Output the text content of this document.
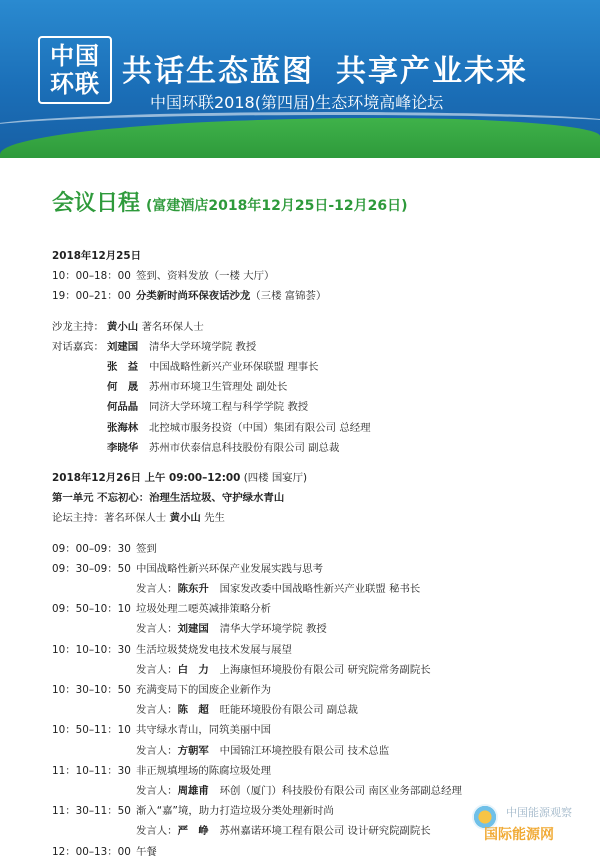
中国
环联 共话生态蓝图 共享产业未来
中国环联2018(第四届)生态环境高峰论坛
会议日程 (富建酒店2018年12月25日-12月26日)
2018年12月25日
10：00–18：00 签到、资料发放（一楼 大厅）
19：00–21：00 分类新时尚环保夜话沙龙 （三楼 富锦荟）
沙龙主持： 黄小山
著名环保人士
对话嘉宾： 刘建国	清华大学环境学院 教授
张　益	中国战略性新兴产业环保联盟 理事长
何　晟	苏州市环境卫生管理处 副处长
何品晶	同济大学环境工程与科学学院 教授
张海林	北控城市服务投资（中国）集团有限公司 总经理
李晓华	苏州市伏泰信息科技股份有限公司 副总裁
2018年12月26日 上午 09:00–12:00
(四楼 国宴厅)
第一单元 不忘初心：治理生活垃圾、守护绿水青山
论坛主持：著名环保人士
黄小山
先生
09：00–09：30 签到
09：30–09：50 中国战略性新兴环保产业发展实践与思考
发言人： 陈东升	国家发改委中国战略性新兴产业联盟 秘书长
09：50–10：10 垃圾处理二噁英减排策略分析
发言人： 刘建国	清华大学环境学院 教授
10：10–10：30 生活垃圾焚烧发电技术发展与展望
发言人： 白　力	上海康恒环境股份有限公司 研究院常务副院长
10：30–10：50 充满变局下的国废企业新作为
发言人： 陈　超	旺能环境股份有限公司 副总裁
10：50–11：10 共守绿水青山，同筑美丽中国
发言人： 方朝军	中国锦江环境控股有限公司 技术总监
11：10–11：30 非正规填埋场的陈腐垃圾处理
发言人： 周雄甫	环创（厦门）科技股份有限公司 南区业务部副总经理
11：30–11：50 渐入“嘉”境，助力打造垃圾分类处理新时尚
发言人： 严　峥	苏州嘉诺环境工程有限公司 设计研究院副院长
12：00–13：00 午餐
中国能源观察
国际能源网
